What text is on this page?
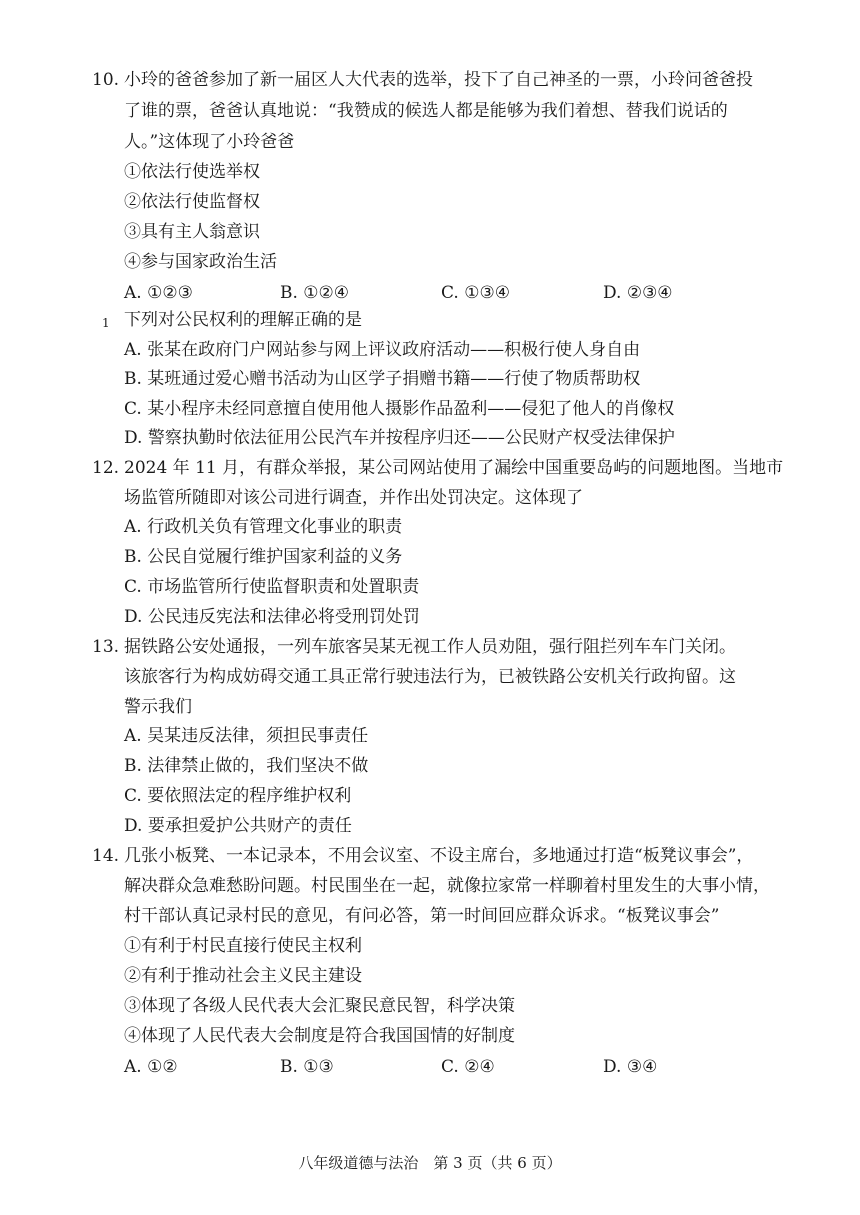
10. 小玲的爸爸参加了新一届区人大代表的选举，投下了自己神圣的一票，小玲问爸爸投
了谁的票，爸爸认真地说：“我赞成的候选人都是能够为我们着想、替我们说话的
人。”这体现了小玲爸爸
①依法行使选举权
②依法行使监督权
③具有主人翁意识
④参与国家政治生活
A. ①②③	B. ①②④	C. ①③④	D. ②③④
1 下列对公民权利的理解正确的是
A. 张某在政府门户网站参与网上评议政府活动——积极行使人身自由
B. 某班通过爱心赠书活动为山区学子捐赠书籍——行使了物质帮助权
C. 某小程序未经同意擅自使用他人摄影作品盈利——侵犯了他人的肖像权
D. 警察执勤时依法征用公民汽车并按程序归还——公民财产权受法律保护
12. 2024 年 11 月，有群众举报，某公司网站使用了漏绘中国重要岛屿的问题地图。当地市
场监管所随即对该公司进行调查，并作出处罚决定。这体现了
A. 行政机关负有管理文化事业的职责
B. 公民自觉履行维护国家利益的义务
C. 市场监管所行使监督职责和处置职责
D. 公民违反宪法和法律必将受刑罚处罚
13. 据铁路公安处通报，一列车旅客吴某无视工作人员劝阻，强行阻拦列车车门关闭。
该旅客行为构成妨碍交通工具正常行驶违法行为，已被铁路公安机关行政拘留。这
警示我们
A. 吴某违反法律，须担民事责任
B. 法律禁止做的，我们坚决不做
C. 要依照法定的程序维护权利
D. 要承担爱护公共财产的责任
14. 几张小板凳、一本记录本，不用会议室、不设主席台，多地通过打造“板凳议事会”，
解决群众急难愁盼问题。村民围坐在一起，就像拉家常一样聊着村里发生的大事小情，
村干部认真记录村民的意见，有问必答，第一时间回应群众诉求。“板凳议事会”
①有利于村民直接行使民主权利
②有利于推动社会主义民主建设
③体现了各级人民代表大会汇聚民意民智，科学决策
④体现了人民代表大会制度是符合我国国情的好制度
A. ①②	B. ①③	C. ②④	D. ③④
八年级道德与法治　第 3 页（共 6 页）
